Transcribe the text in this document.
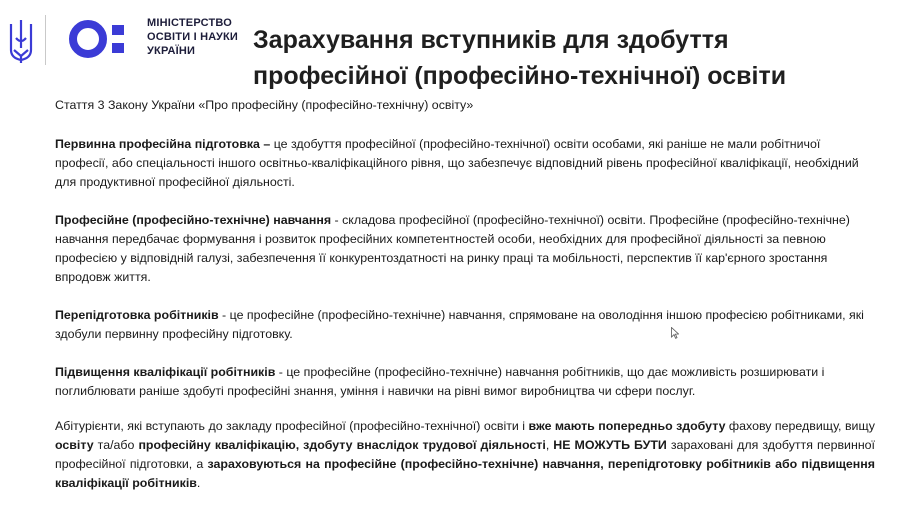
МІНІСТЕРСТВО
ОСВІТИ І НАУКИ
УКРАЇНИ	Зарахування вступників для здобуття
професійної (професійно-технічної) освіти

Стаття 3 Закону України «Про професійну (професійно-технічну) освіту»

Первинна професійна підготовка – це здобуття професійної (професійно-технічної) освіти особами, які раніше не мали робітничої професії, або спеціальності іншого освітньо-кваліфікаційного рівня, що забезпечує відповідний рівень професійної кваліфікації, необхідний для продуктивної професійної діяльності.

Професійне (професійно-технічне) навчання - складова професійної (професійно-технічної) освіти. Професійне (професійно-технічне) навчання передбачає формування і розвиток професійних компетентностей особи, необхідних для професійної діяльності за певною професією у відповідній галузі, забезпечення її конкурентоздатності на ринку праці та мобільності, перспектив її кар'єрного зростання впродовж життя.

Перепідготовка робітників - це професійне (професійно-технічне) навчання, спрямоване на оволодіння іншою професією робітниками, які здобули первинну професійну підготовку.

Підвищення кваліфікації робітників - це професійне (професійно-технічне) навчання робітників, що дає можливість розширювати і поглиблювати раніше здобуті професійні знання, уміння і навички на рівні вимог виробництва чи сфери послуг.

Абітурієнти, які вступають до закладу професійної (професійно-технічної) освіти і вже мають попередньо здобуту фахову передвищу, вищу освіту та/або професійну кваліфікацію, здобуту внаслідок трудової діяльності, НЕ МОЖУТЬ БУТИ зараховані для здобуття первинної професійної підготовки, а зараховуються на професійне (професійно-технічне) навчання, перепідготовку робітників або підвищення кваліфікації робітників.
